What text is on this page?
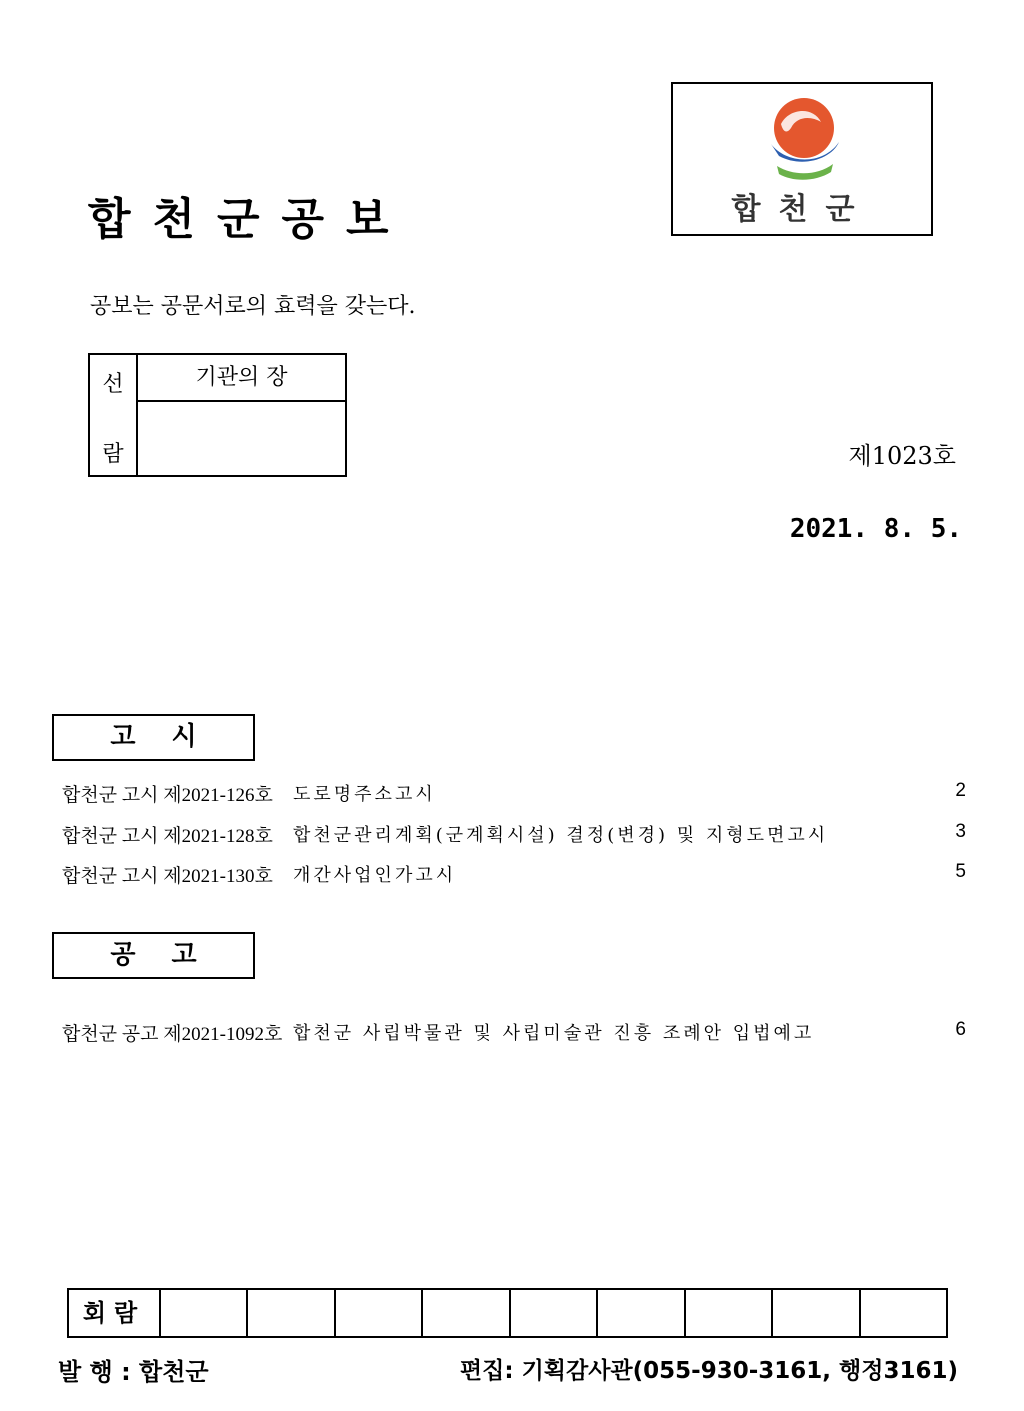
합천군공보	합천군
공보는 공문서로의 효력을 갖는다.
선
람
기관의 장
제1023호
2021. 8. 5.
고시
합천군 고시 제2021-126호 도로명주소고시	2
합천군 고시 제2021-128호 합천군관리계획(군계획시설) 결정(변경) 및 지형도면고시	3
합천군 고시 제2021-130호 개간사업인가고시	5
공고
합천군 공고 제2021-1092호 합천군 사립박물관 및 사립미술관 진흥 조례안 입법예고	6
회람
발 행 : 합천군	편집: 기획감사관(055-930-3161, 행정3161)
